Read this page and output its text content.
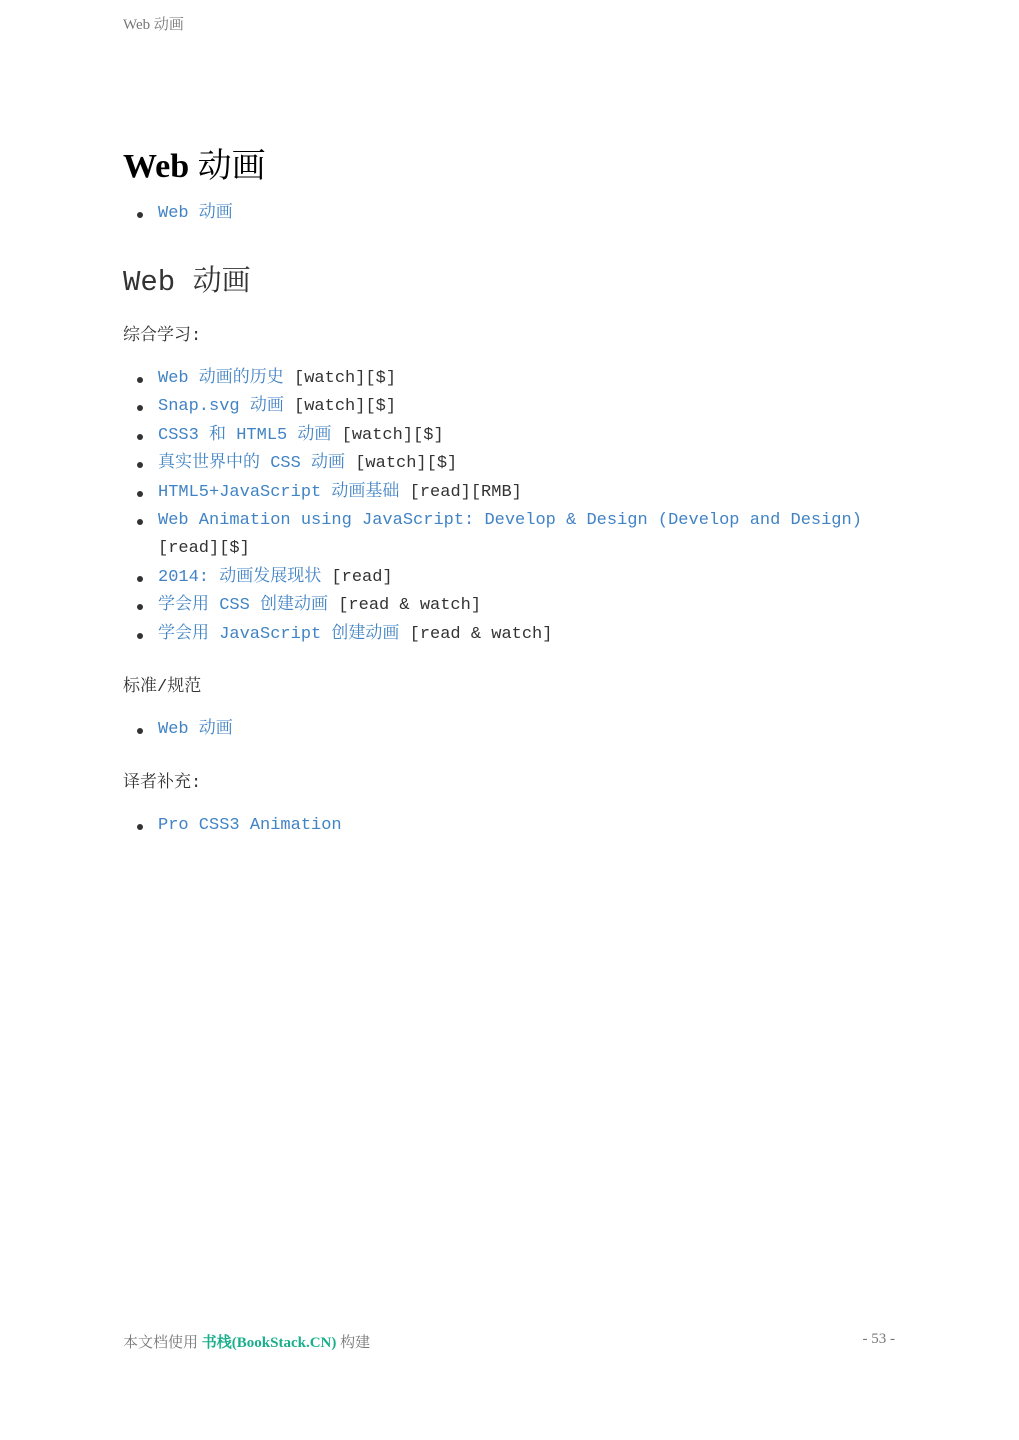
Web 动画
Web 动画
Web 动画
Web 动画

综合学习:

Web 动画的历史 [watch][$]
Snap.svg 动画 [watch][$]
CSS3 和 HTML5 动画 [watch][$]
真实世界中的 CSS 动画 [watch][$]
HTML5+JavaScript 动画基础 [read][RMB]
Web Animation using JavaScript: Develop & Design (Develop and Design) [read][$]
2014: 动画发展现状 [read]
学会用 CSS 创建动画 [read & watch]
学会用 JavaScript 创建动画 [read & watch]

标准/规范

Web 动画

译者补充:

Pro CSS3 Animation
本文档使用 书栈(BookStack.CN) 构建	- 53 -
